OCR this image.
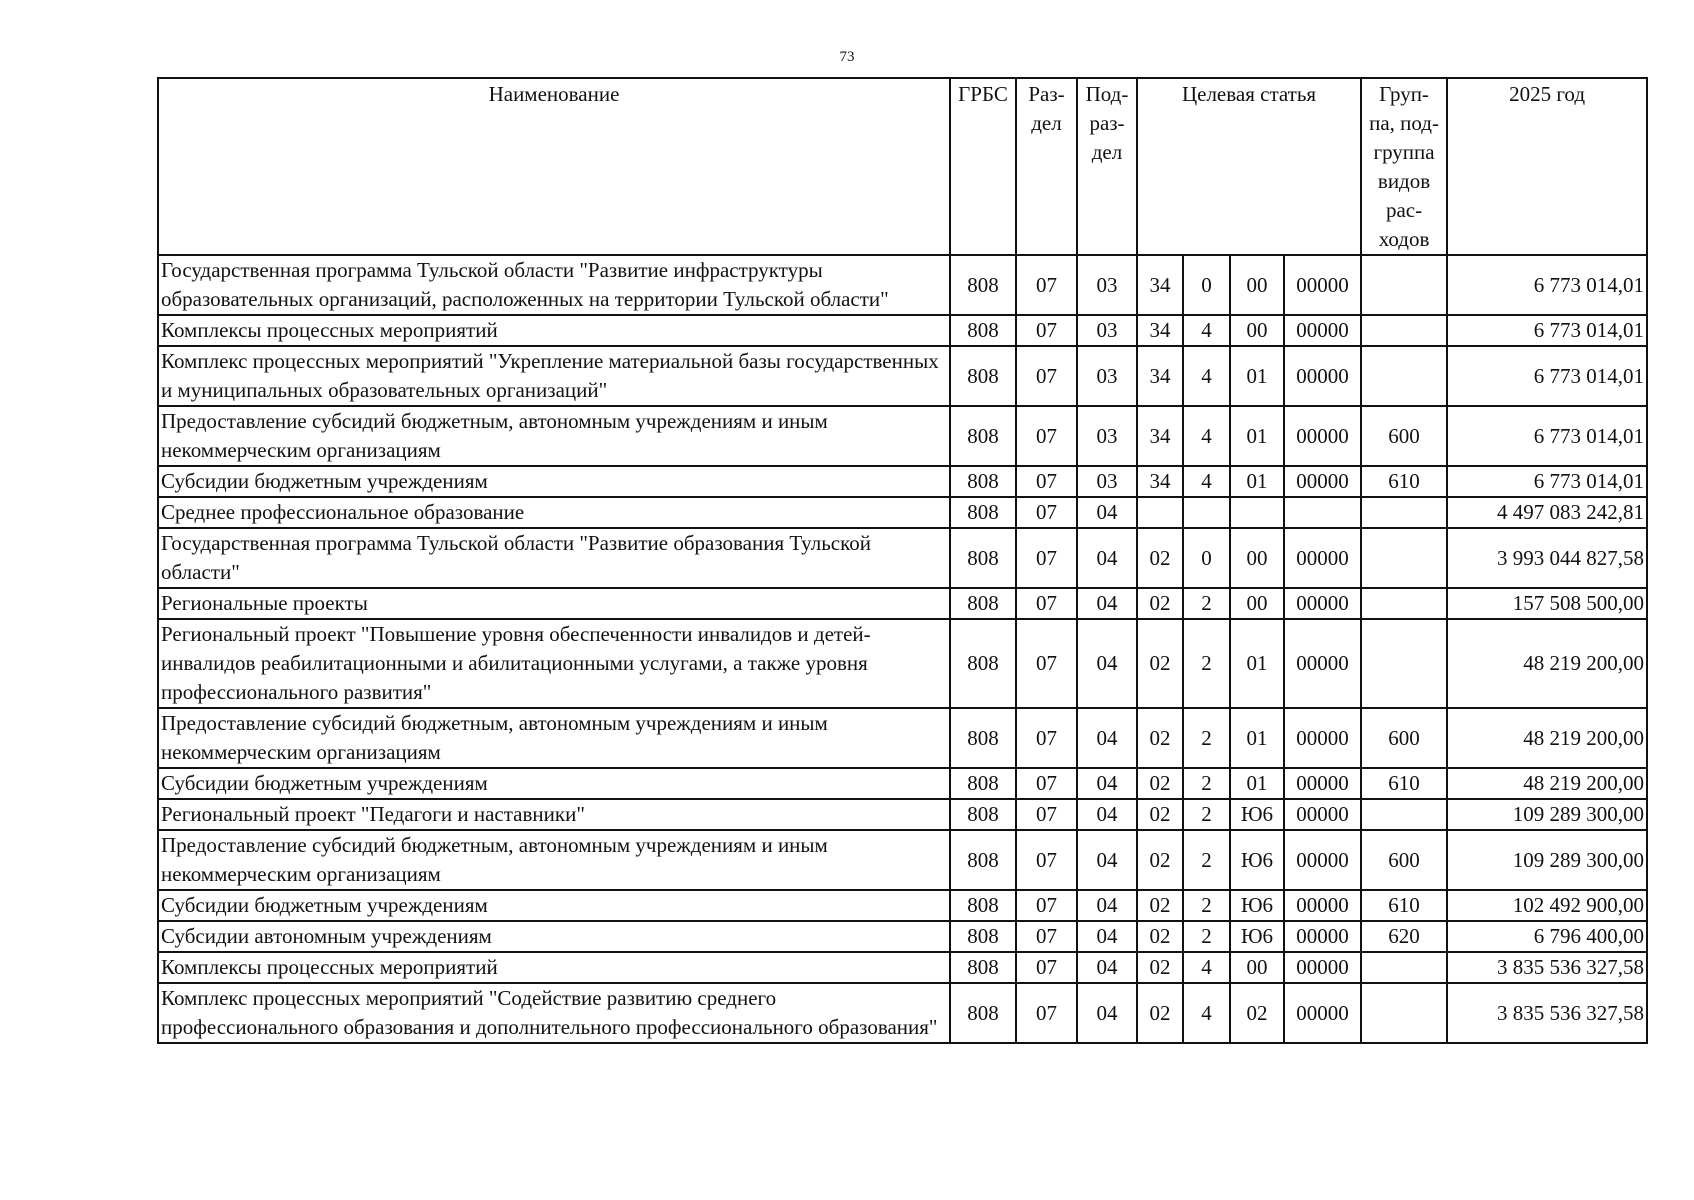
73
Наименование	ГРБС	Раз- дел	Под- раз- дел	Целевая статья				Груп- па, под- группа видов рас- ходов	2025 год
Государственная программа Тульской области "Развитие инфраструктуры образовательных организаций, расположенных на территории Тульской области"	808	07	03	34	0	00	00000		6 773 014,01
Комплексы процессных мероприятий	808	07	03	34	4	00	00000		6 773 014,01
Комплекс процессных мероприятий "Укрепление материальной базы государственных и муниципальных образовательных организаций"	808	07	03	34	4	01	00000		6 773 014,01
Предоставление субсидий бюджетным, автономным учреждениям и иным некоммерческим организациям	808	07	03	34	4	01	00000	600	6 773 014,01
Субсидии бюджетным учреждениям	808	07	03	34	4	01	00000	610	6 773 014,01
Среднее профессиональное образование	808	07	04						4 497 083 242,81
Государственная программа Тульской области "Развитие образования Тульской области"	808	07	04	02	0	00	00000		3 993 044 827,58
Региональные проекты	808	07	04	02	2	00	00000		157 508 500,00
Региональный проект "Повышение уровня обеспеченности инвалидов и детей-инвалидов реабилитационными и абилитационными услугами, а также уровня профессионального развития"	808	07	04	02	2	01	00000		48 219 200,00
Предоставление субсидий бюджетным, автономным учреждениям и иным некоммерческим организациям	808	07	04	02	2	01	00000	600	48 219 200,00
Субсидии бюджетным учреждениям	808	07	04	02	2	01	00000	610	48 219 200,00
Региональный проект "Педагоги и наставники"	808	07	04	02	2	Ю6	00000		109 289 300,00
Предоставление субсидий бюджетным, автономным учреждениям и иным некоммерческим организациям	808	07	04	02	2	Ю6	00000	600	109 289 300,00
Субсидии бюджетным учреждениям	808	07	04	02	2	Ю6	00000	610	102 492 900,00
Субсидии автономным учреждениям	808	07	04	02	2	Ю6	00000	620	6 796 400,00
Комплексы процессных мероприятий	808	07	04	02	4	00	00000		3 835 536 327,58
Комплекс процессных мероприятий "Содействие развитию среднего профессионального образования и дополнительного профессионального образования"	808	07	04	02	4	02	00000		3 835 536 327,58
